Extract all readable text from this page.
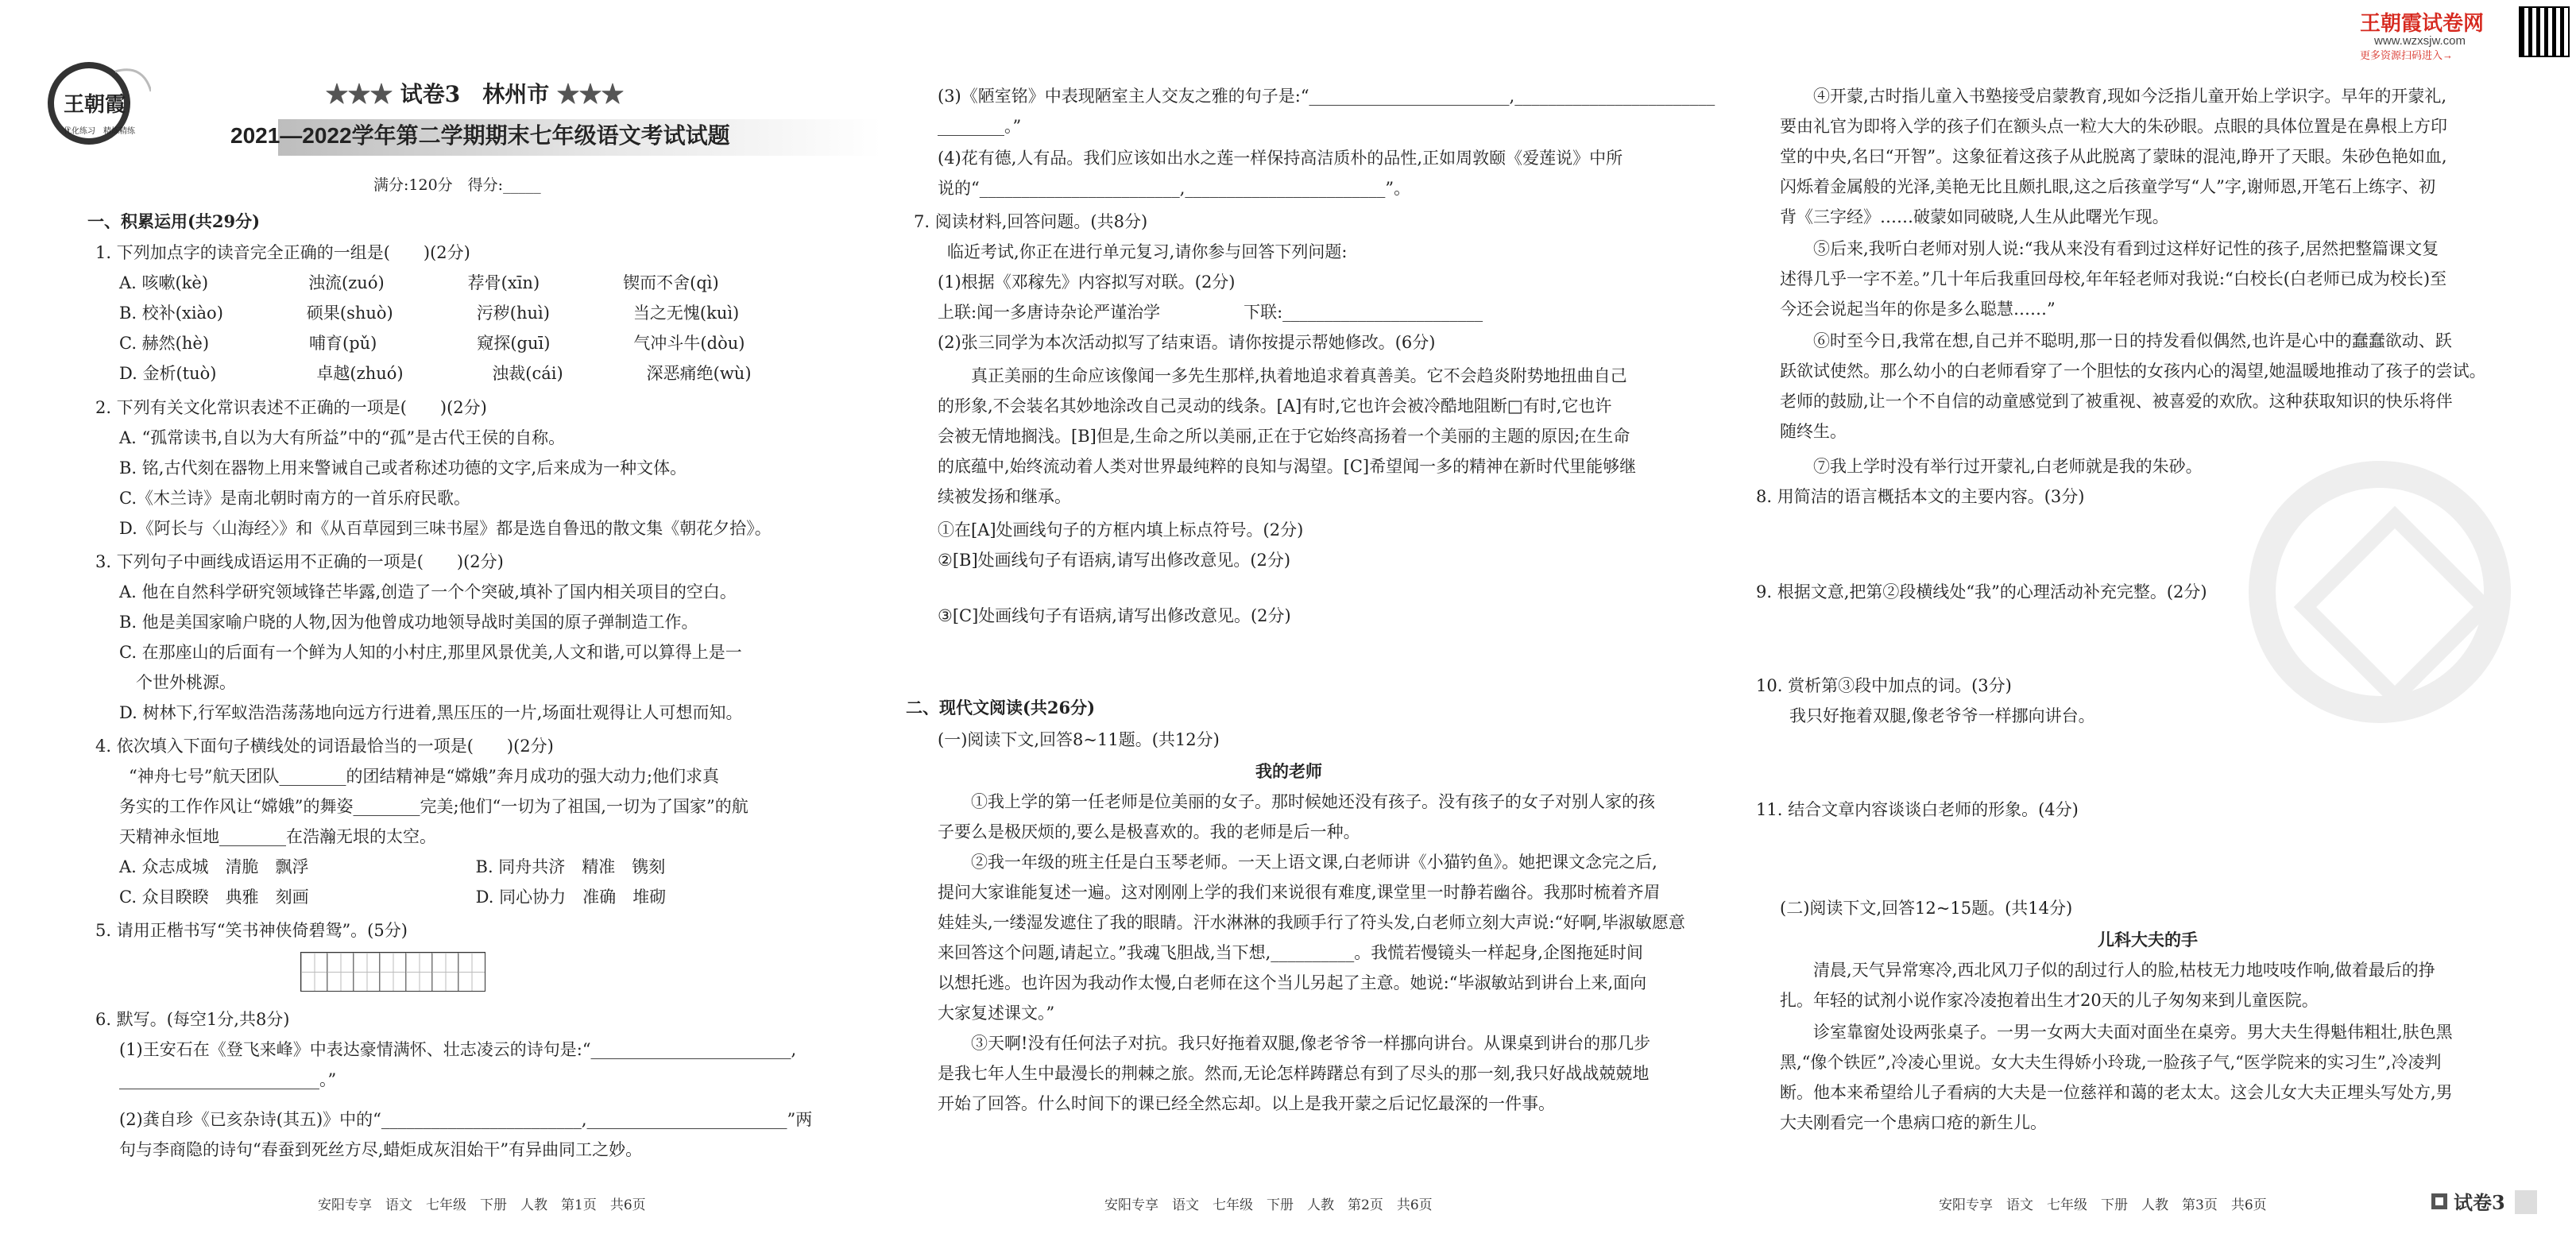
王朝霞试卷网
www.wzxsjw.com
更多资源扫码进入→
王朝霞
优化练习　精炼精练
★★★ 试卷3　 林州市 ★★★
2021—2022学年第二学期期末七年级语文考试试题
满分:120分　得分:_____
一、积累运用(共29分)
1. 下列加点字的读音完全正确的一组是(　　)(2分)
A. 咳嗽(kè)　　　　　　浊流(zuó)　　　　　荐骨(xīn)　　　　　锲而不舍(qì)
B. 校补(xiào)　　　　　硕果(shuò)　　　　　污秽(huì)　　　　　当之无愧(kuì)
C. 赫然(hè)　　　　　　哺育(pǔ)　　　　　　窥探(guī)　　　　　气冲斗牛(dòu)
D. 金析(tuò)　　　　　　卓越(zhuó)　　　　　 浊裁(cái)　　　　　深恶痛绝(wù)
2. 下列有关文化常识表述不正确的一项是(　　)(2分)
A. “孤常读书,自以为大有所益”中的“孤”是古代王侯的自称。
B. 铭,古代刻在器物上用来警诫自己或者称述功德的文字,后来成为一种文体。
C.《木兰诗》是南北朝时南方的一首乐府民歌。
D.《阿长与〈山海经〉》和《从百草园到三味书屋》都是选自鲁迅的散文集《朝花夕拾》。
3. 下列句子中画线成语运用不正确的一项是(　　)(2分)
A. 他在自然科学研究领域锋芒毕露,创造了一个个突破,填补了国内相关项目的空白。
B. 他是美国家喻户晓的人物,因为他曾成功地领导战时美国的原子弹制造工作。
C. 在那座山的后面有一个鲜为人知的小村庄,那里风景优美,人文和谐,可以算得上是一
　个世外桃源。
D. 树林下,行军蚁浩浩荡荡地向远方行进着,黑压压的一片,场面壮观得让人可想而知。
4. 依次填入下面句子横线处的词语最恰当的一项是(　　)(2分)
　　“神舟七号”航天团队________的团结精神是“嫦娥”奔月成功的强大动力;他们求真
务实的工作作风让“嫦娥”的舞姿________完美;他们“一切为了祖国,一切为了国家”的航
天精神永恒地________在浩瀚无垠的太空。
A. 众志成城　清脆　飘浮　　　　　　　　　　B. 同舟共济　精准　镌刻
C. 众目睽睽　典雅　刻画　　　　　　　　　　D. 同心协力　准确　堆砌
5. 请用正楷书写“笑书神侠倚碧鸳”。(5分)
6. 默写。(每空1分,共8分)
(1)王安石在《登飞来峰》中表达豪情满怀、壮志凌云的诗句是:“________________________,
________________________。”
(2)龚自珍《已亥杂诗(其五)》中的“________________________,________________________”两
句与李商隐的诗句“春蚕到死丝方尽,蜡炬成灰泪始干”有异曲同工之妙。
安阳专享　语文　七年级　下册　人教　第1页　共6页
(3)《陋室铭》中表现陋室主人交友之雅的句子是:“________________________,________________________
________。”
(4)花有德,人有品。我们应该如出水之莲一样保持高洁质朴的品性,正如周敦颐《爱莲说》中所
说的“________________________,________________________”。
7. 阅读材料,回答问题。(共8分)
　　临近考试,你正在进行单元复习,请你参与回答下列问题:
(1)根据《邓稼先》内容拟写对联。(2分)
上联:闻一多唐诗杂论严谨治学　　　　　下联:________________________
(2)张三同学为本次活动拟写了结束语。请你按提示帮她修改。(6分)
　　真正美丽的生命应该像闻一多先生那样,执着地追求着真善美。它不会趋炎附势地扭曲自己
的形象,不会装名其妙地涂改自己灵动的线条。[A]有时,它也许会被冷酷地阻断□有时,它也许
会被无情地搁浅。[B]但是,生命之所以美丽,正在于它始终高扬着一个美丽的主题的原因;在生命
的底蕴中,始终流动着人类对世界最纯粹的良知与渴望。[C]希望闻一多的精神在新时代里能够继
续被发扬和继承。
①在[A]处画线句子的方框内填上标点符号。(2分)
②[B]处画线句子有语病,请写出修改意见。(2分)
③[C]处画线句子有语病,请写出修改意见。(2分)
二、现代文阅读(共26分)
(一)阅读下文,回答8~11题。(共12分)
我的老师
　　①我上学的第一任老师是位美丽的女子。那时候她还没有孩子。没有孩子的女子对别人家的孩
子要么是极厌烦的,要么是极喜欢的。我的老师是后一种。
　　②我一年级的班主任是白玉琴老师。一天上语文课,白老师讲《小猫钓鱼》。她把课文念完之后,
提问大家谁能复述一遍。这对刚刚上学的我们来说很有难度,课堂里一时静若幽谷。我那时梳着齐眉
娃娃头,一缕湿发遮住了我的眼睛。汗水淋淋的我顾手行了符头发,白老师立刻大声说:“好啊,毕淑敏愿意
来回答这个问题,请起立。”我魂飞胆战,当下想,__________。我慌若慢镜头一样起身,企图拖延时间
以想托逃。也许因为我动作太慢,白老师在这个当儿另起了主意。她说:“毕淑敏站到讲台上来,面向
大家复述课文。”
　　③天啊!没有任何法子对抗。我只好拖着双腿,像老爷爷一样挪向讲台。从课桌到讲台的那几步
是我七年人生中最漫长的荆棘之旅。然而,无论怎样踌躇总有到了尽头的那一刻,我只好战战兢兢地
开始了回答。什么时间下的课已经全然忘却。以上是我开蒙之后记忆最深的一件事。
安阳专享　语文　七年级　下册　人教　第2页　共6页
　　④开蒙,古时指儿童入书塾接受启蒙教育,现如今泛指儿童开始上学识字。早年的开蒙礼,
要由礼官为即将入学的孩子们在额头点一粒大大的朱砂眼。点眼的具体位置是在鼻根上方印
堂的中央,名曰“开智”。这象征着这孩子从此脱离了蒙昧的混沌,睁开了天眼。朱砂色艳如血,
闪烁着金属般的光泽,美艳无比且颇扎眼,这之后孩童学写“人”字,谢师恩,开笔石上练字、初
背《三字经》……破蒙如同破晓,人生从此曙光乍现。
　　⑤后来,我听白老师对别人说:“我从来没有看到过这样好记性的孩子,居然把整篇课文复
述得几乎一字不差。”几十年后我重回母校,年年轻老师对我说:“白校长(白老师已成为校长)至
今还会说起当年的你是多么聪慧……”
　　⑥时至今日,我常在想,自己并不聪明,那一日的持发看似偶然,也许是心中的蠢蠢欲动、跃
跃欲试使然。那么幼小的白老师看穿了一个胆怯的女孩内心的渴望,她温暖地推动了孩子的尝试。
老师的鼓励,让一个不自信的动童感觉到了被重视、被喜爱的欢欣。这种获取知识的快乐将伴
随终生。
　　⑦我上学时没有举行过开蒙礼,白老师就是我的朱砂。
8. 用简洁的语言概括本文的主要内容。(3分)
9. 根据文意,把第②段横线处“我”的心理活动补充完整。(2分)
10. 赏析第③段中加点的词。(3分)
　　我只好拖着双腿,像老爷爷一样挪向讲台。
11. 结合文章内容谈谈白老师的形象。(4分)
(二)阅读下文,回答12~15题。(共14分)
儿科大夫的手
　　清晨,天气异常寒冷,西北风刀子似的刮过行人的脸,枯枝无力地吱吱作响,做着最后的挣
扎。年轻的试剂小说作家冷凌抱着出生才20天的儿子匆匆来到儿童医院。
　　诊室靠窗处设两张桌子。一男一女两大夫面对面坐在桌旁。男大夫生得魁伟粗壮,肤色黑
黑,“像个铁匠”,冷凌心里说。女大夫生得娇小玲珑,一脸孩子气,“医学院来的实习生”,冷凌判
断。他本来希望给儿子看病的大夫是一位慈祥和蔼的老太太。这会儿女大夫正埋头写处方,男
大夫刚看完一个患病口疮的新生儿。
安阳专享　语文　七年级　下册　人教　第3页　共6页	试卷3
